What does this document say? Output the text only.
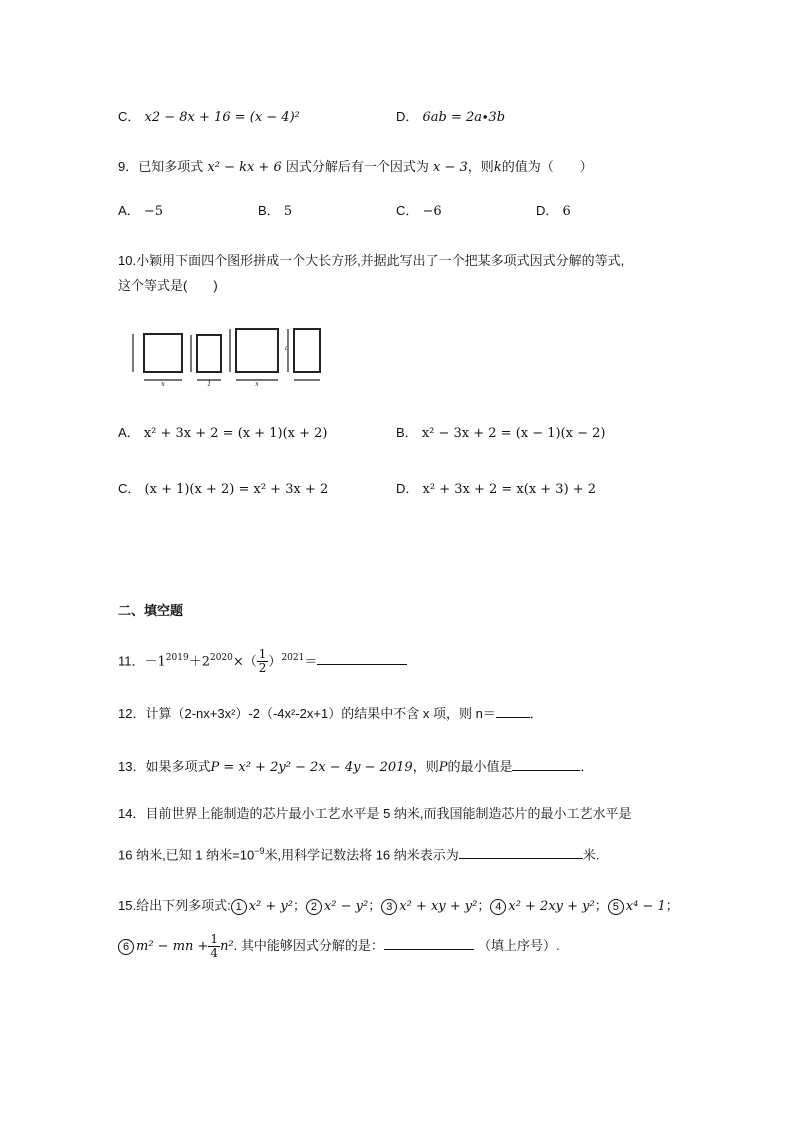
C． x2 − 8x + 16 = (x − 4)²	D． 6ab = 2a∙3b
9．已知多项式 x² − kx + 6 因式分解后有一个因式为 x − 3，则k的值为（　　）
A． −5	B． 5	C． −6	D． 6
10.小颖用下面四个图形拼成一个大长方形,并据此写出了一个把某多项式因式分解的等式,
这个等式是(　　)
x	1	x
a
A． x² + 3x + 2 = (x + 1)(x + 2)	B． x² − 3x + 2 = (x − 1)(x − 2)
C． (x + 1)(x + 2) = x² + 3x + 2	D． x² + 3x + 2 = x(x + 3) + 2
二、填空题
11．$-1^{2019}+2^{2020}\times( \frac{1}{2} )^{2021}=$
12．计算（2-nx+3x²）-2（-4x²-2x+1）的结果中不含 x 项，则 n＝	．
13．如果多项式P = x² + 2y² − 2x − 4y − 2019，则P的最小值是	．
14．目前世界上能制造的芯片最小工艺水平是 5 纳米,而我国能制造芯片的最小工艺水平是
16 纳米,已知 1 纳米$=10^{-9}$米,用科学记数法将 16 纳米表示为	米.
15.给出下列多项式: 1 x² + y²； 2 x² − y²； 3 x² + xy + y²； 4 x² + 2xy + y²； 5 x⁴ − 1；
6 m² − mn + $\frac{1}{4} n^2$. 其中能够因式分解的是：	（填上序号）.
